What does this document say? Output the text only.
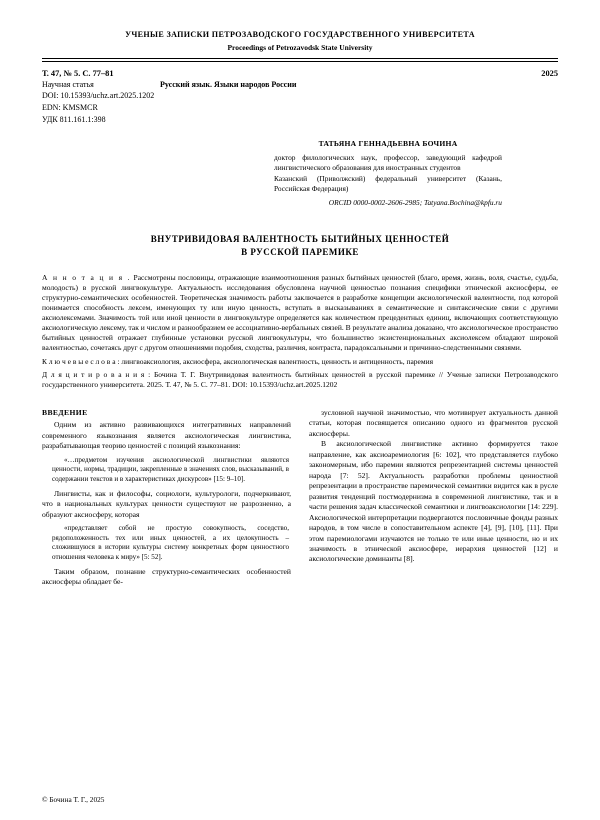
УЧЕНЫЕ ЗАПИСКИ ПЕТРОЗАВОДСКОГО ГОСУДАРСТВЕННОГО УНИВЕРСИТЕТА
Proceedings of Petrozavodsk State University
Т. 47, № 5. С. 77–81	2025
Научная статья	Русский язык. Языки народов России
DOI: 10.15393/uchz.art.2025.1202
EDN: KMSMCR
УДК 811.161.1:398
ТАТЬЯНА ГЕННАДЬЕВНА БОЧИНА
доктор филологических наук, профессор, заведующий кафедрой лингвистического образования для иностранных студентов
Казанский (Приволжский) федеральный университет (Казань, Российская Федерация)
ORCID 0000-0002-2606-2985; Tatyana.Bochina@kpfu.ru
ВНУТРИВИДОВАЯ ВАЛЕНТНОСТЬ БЫТИЙНЫХ ЦЕННОСТЕЙ
В РУССКОЙ ПАРЕМИКЕ

А н н о т а ц и я . Рассмотрены пословицы, отражающие взаимоотношения разных бытийных ценностей (благо, время, жизнь, воля, счастье, судьба, молодость) в русской лингвокультуре. Актуальность исследования обусловлена научной ценностью познания специфики этнической аксиосферы, ее структурно-семантических особенностей. Теоретическая значимость работы заключается в разработке концепции аксиологической валентности, под которой понимается способность лексем, именующих ту или иную ценность, вступать в высказываниях в семантические и синтаксические связи с другими аксиолексемами. Значимость той или иной ценности в лингвокультуре определяется как количеством прецедентных единиц, включающих соответствующую аксиологическую лексему, так и числом и разнообразием ее ассоциативно-вербальных связей. В результате анализа доказано, что аксиологическое пространство бытийных ценностей отражает глубинные установки русской лингвокультуры, что большинство экзистенциональных аксиолексем обладают широкой валентностью, сочетаясь друг с другом отношениями подобия, сходства, различия, контраста, парадоксальными и причинно-следственными связями.

К л ю ч е в ы е с л о в а : лингвоаксиология, аксиосфера, аксиологическая валентность, ценность и антиценность, паремия
Д л я ц и т и р о в а н и я : Бочина Т. Г. Внутривидовая валентность бытийных ценностей в русской паремике // Ученые записки Петрозаводского государственного университета. 2025. Т. 47, № 5. С. 77–81. DOI: 10.15393/uchz.art.2025.1202
ВВЕДЕНИЕ

Одним из активно развивающихся интегративных направлений современного языкознания является аксиологическая лингвистика, разрабатывающая теорию ценностей с позиций языкознания:

«…предметом изучения аксиологической лингвистики являются ценности, нормы, традиции, закрепленные в значениях слов, высказываний, в содержании текстов и в характеристиках дискурсов» [15: 9–10].

Лингвисты, как и философы, социологи, культурологи, подчеркивают, что в национальных культурах ценности существуют не разрозненно, а образуют аксиосферу, которая

«представляет собой не простую совокупность, соседство, рядоположенность тех или иных ценностей, а их целокупность – сложившуюся в истории культуры систему конкретных форм ценностного отношения человека к миру» [5: 52].

Таким образом, познание структурно-семантических особенностей аксиосферы обладает бе-

зусловной научной значимостью, что мотивирует актуальность данной статьи, которая посвящается описанию одного из фрагментов русской аксиосферы.

В аксиологической лингвистике активно формируется такое направление, как аксиоаремиология [6: 102], что представляется глубоко закономерным, ибо паремии являются репрезентацией системы ценностей народа [7: 52]. Актуальность разработки проблемы ценностной репрезентации в пространстве паремической семантики видится как в русле развития тенденций постмодернизма в современной лингвистике, так и в части решения задач классической семантики и лингвоаксиологии [14: 229]. Аксиологической интерпретации подвергаются пословичные фонды разных народов, в том числе в сопоставительном аспекте [4], [9], [10], [11]. При этом паремиологами изучаются не только те или иные ценности, но и их значимость в этнической аксиосфере, иерархия ценностей [12] и аксиологические доминанты [8].

© Бочина Т. Г., 2025
